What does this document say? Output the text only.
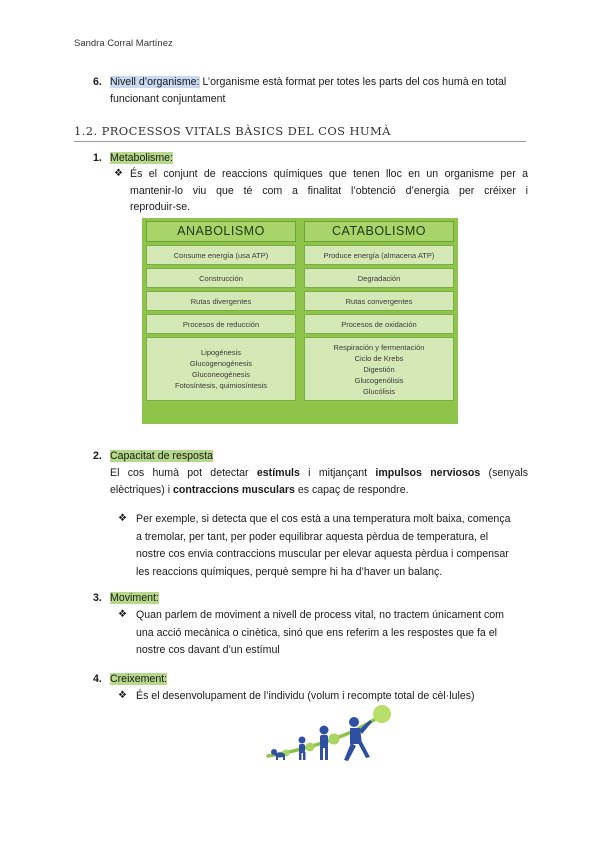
Sandra Corral Martínez
6. Nivell d’organisme: L’organisme està format per totes les parts del cos humà en total
funcionant conjuntament
1.2. PROCESSOS VITALS BÀSICS DEL COS HUMÀ
1. Metabolisme:
❖ És el conjunt de reaccions químiques que tenen lloc en un organisme per a
mantenir-lo viu que té com a finalitat l’obtenció d’energia per créixer i
reproduir-se.
ANABOLISMO
Consume energía (usa ATP)
Construcción
Rutas divergentes
Procesos de reducción
Lipogénesis
Glucogenogénesis
Gluconeogénesis
Fotosíntesis, quimiosíntesis
CATABOLISMO
Produce energía (almacena ATP)
Degradación
Rutas convergentes
Procesos de oxidación
Respiración y fermentación
Ciclo de Krebs
Digestión
Glucogenólisis
Glucólisis
2. Capacitat de resposta
El cos humà pot detectar estímuls i mitjançant impulsos nerviosos (senyals
elèctriques) i contraccions musculars es capaç de respondre.
❖ Per exemple, si detecta que el cos està a una temperatura molt baixa, comença
a tremolar, per tant, per poder equilibrar aquesta pèrdua de temperatura, el
nostre cos envia contraccions muscular per elevar aquesta pèrdua i compensar
les reaccions químiques, perquè sempre hi ha d’haver un balanç.
3. Moviment:
❖ Quan parlem de moviment a nivell de process vital, no tractem únicament com
una acció mecànica o cinètica, sinó que ens referim a les respostes que fa el
nostre cos davant d’un estímul
4. Creixement:
❖ És el desenvolupament de l’individu (volum i recompte total de cèl·lules)
